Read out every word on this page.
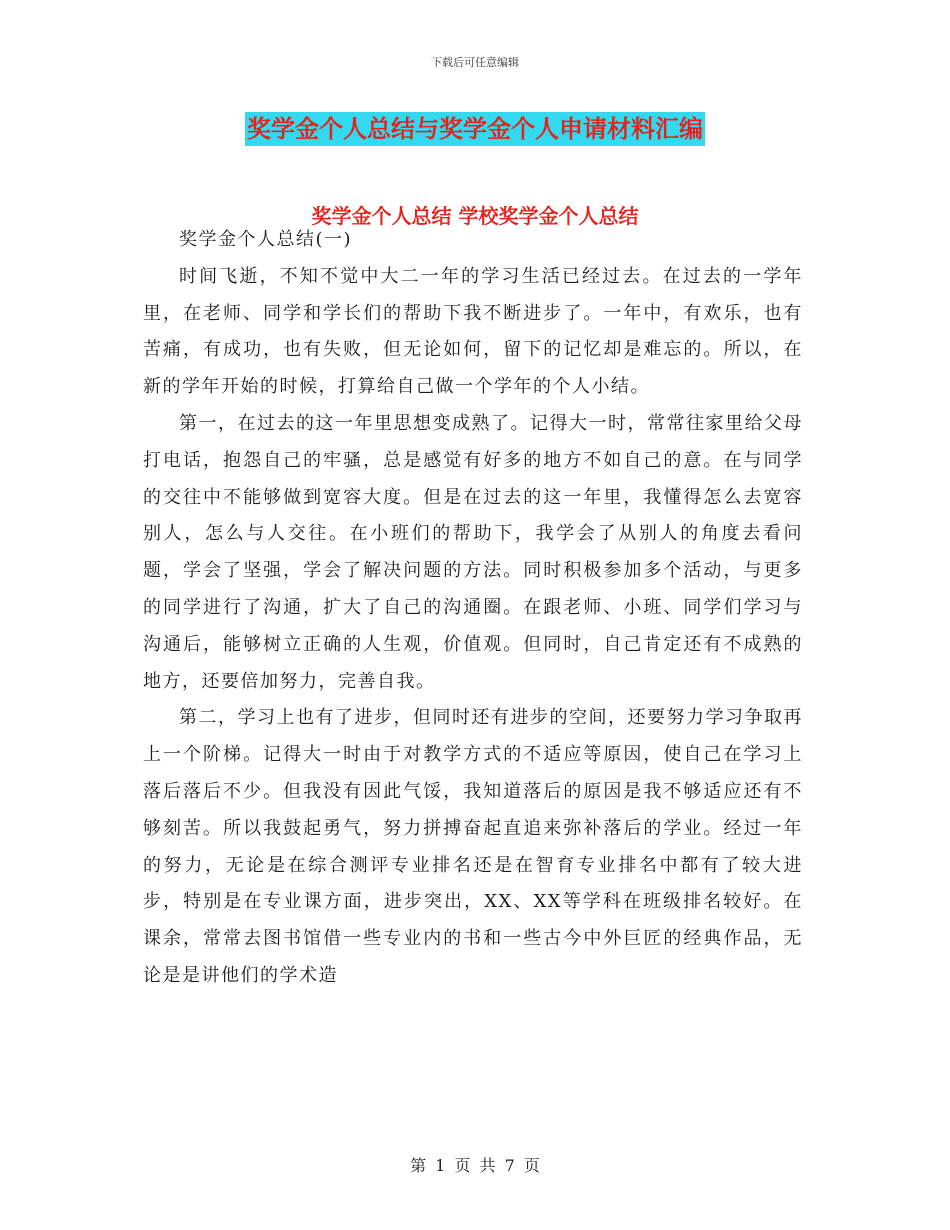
下载后可任意编辑
奖学金个人总结与奖学金个人申请材料汇编
奖学金个人总结 学校奖学金个人总结

奖学金个人总结(一)

时间飞逝，不知不觉中大二一年的学习生活已经过去。在过去的一学年里，在老师、同学和学长们的帮助下我不断进步了。一年中，有欢乐，也有苦痛，有成功，也有失败，但无论如何，留下的记忆却是难忘的。所以，在新的学年开始的时候，打算给自己做一个学年的个人小结。

第一，在过去的这一年里思想变成熟了。记得大一时，常常往家里给父母打电话，抱怨自己的牢骚，总是感觉有好多的地方不如自己的意。在与同学的交往中不能够做到宽容大度。但是在过去的这一年里，我懂得怎么去宽容别人，怎么与人交往。在小班们的帮助下，我学会了从别人的角度去看问题，学会了坚强，学会了解决问题的方法。同时积极参加多个活动，与更多的同学进行了沟通，扩大了自己的沟通圈。在跟老师、小班、同学们学习与沟通后，能够树立正确的人生观，价值观。但同时，自己肯定还有不成熟的地方，还要倍加努力，完善自我。

第二，学习上也有了进步，但同时还有进步的空间，还要努力学习争取再上一个阶梯。记得大一时由于对教学方式的不适应等原因，使自己在学习上落后落后不少。但我没有因此气馁，我知道落后的原因是我不够适应还有不够刻苦。所以我鼓起勇气，努力拼搏奋起直追来弥补落后的学业。经过一年的努力，无论是在综合测评专业排名还是在智育专业排名中都有了较大进步，特别是在专业课方面，进步突出，XX、XX等学科在班级排名较好。在课余，常常去图书馆借一些专业内的书和一些古今中外巨匠的经典作品，无论是是讲他们的学术造

第 1 页 共 7 页
